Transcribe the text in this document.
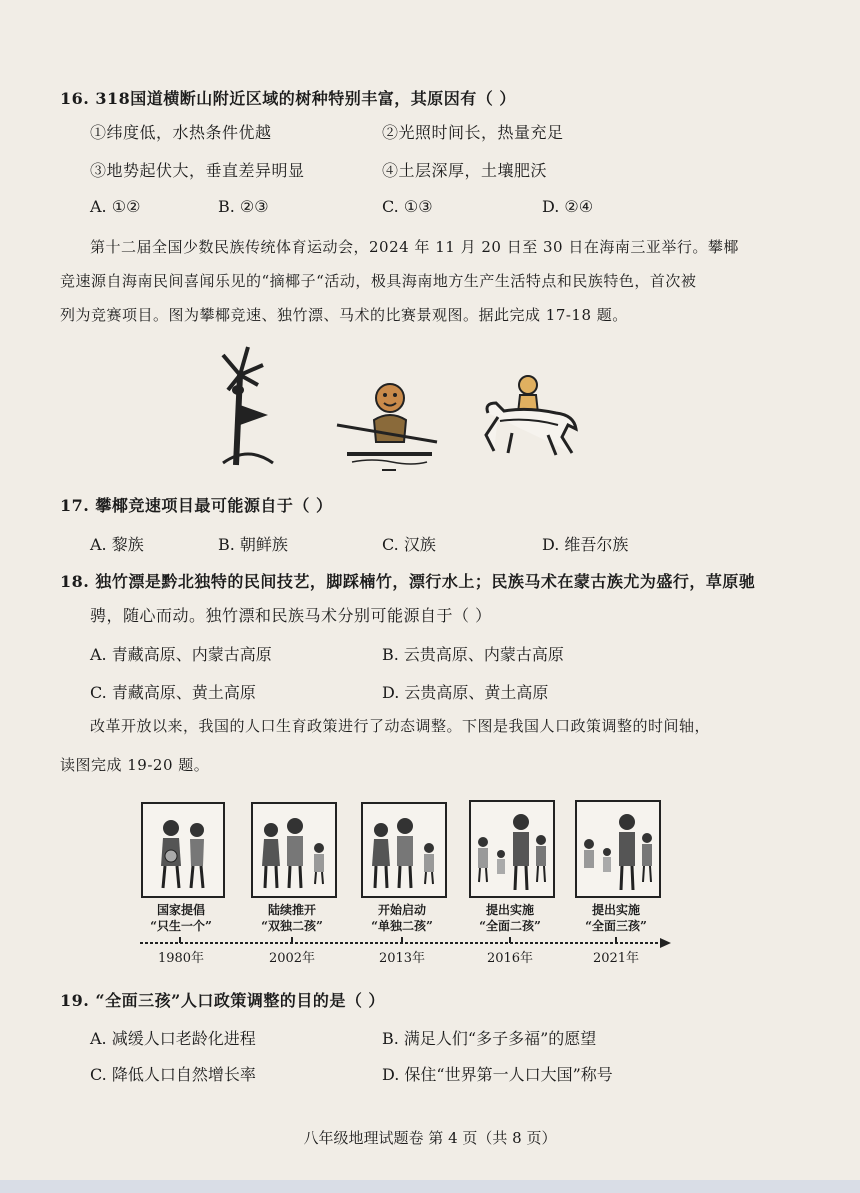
16. 318国道横断山附近区域的树种特别丰富，其原因有（ ）
①纬度低，水热条件优越	②光照时间长，热量充足
③地势起伏大，垂直差异明显	④土层深厚，土壤肥沃
A. ①②	B. ②③	C. ①③	D. ②④
第十二届全国少数民族传统体育运动会，2024 年 11 月 20 日至 30 日在海南三亚举行。攀椰
竞速源自海南民间喜闻乐见的“摘椰子“活动，极具海南地方生产生活特点和民族特色，首次被
列为竞赛项目。图为攀椰竞速、独竹漂、马术的比赛景观图。据此完成 17-18 题。
17. 攀椰竞速项目最可能源自于（ ）
A. 黎族	B. 朝鲜族	C. 汉族	D. 维吾尔族
18. 独竹漂是黔北独特的民间技艺，脚踩楠竹，漂行水上；民族马术在蒙古族尤为盛行，草原驰
骋，随心而动。独竹漂和民族马术分别可能源自于（ ）
A. 青藏高原、内蒙古高原	B. 云贵高原、内蒙古高原
C. 青藏高原、黄土高原	D. 云贵高原、黄土高原
改革开放以来，我国的人口生育政策进行了动态调整。下图是我国人口政策调整的时间轴，
读图完成 19-20 题。
国家提倡
“只生一个”
陆续推开
“双独二孩”
开始启动
“单独二孩”
提出实施
“全面二孩”
提出实施
“全面三孩”
1980年	2002年	2013年	2016年	2021年
19. “全面三孩”人口政策调整的目的是（ ）
A. 减缓人口老龄化进程	B. 满足人们“多子多福”的愿望
C. 降低人口自然增长率	D. 保住“世界第一人口大国”称号
八年级地理试题卷 第 4 页（共 8 页）
